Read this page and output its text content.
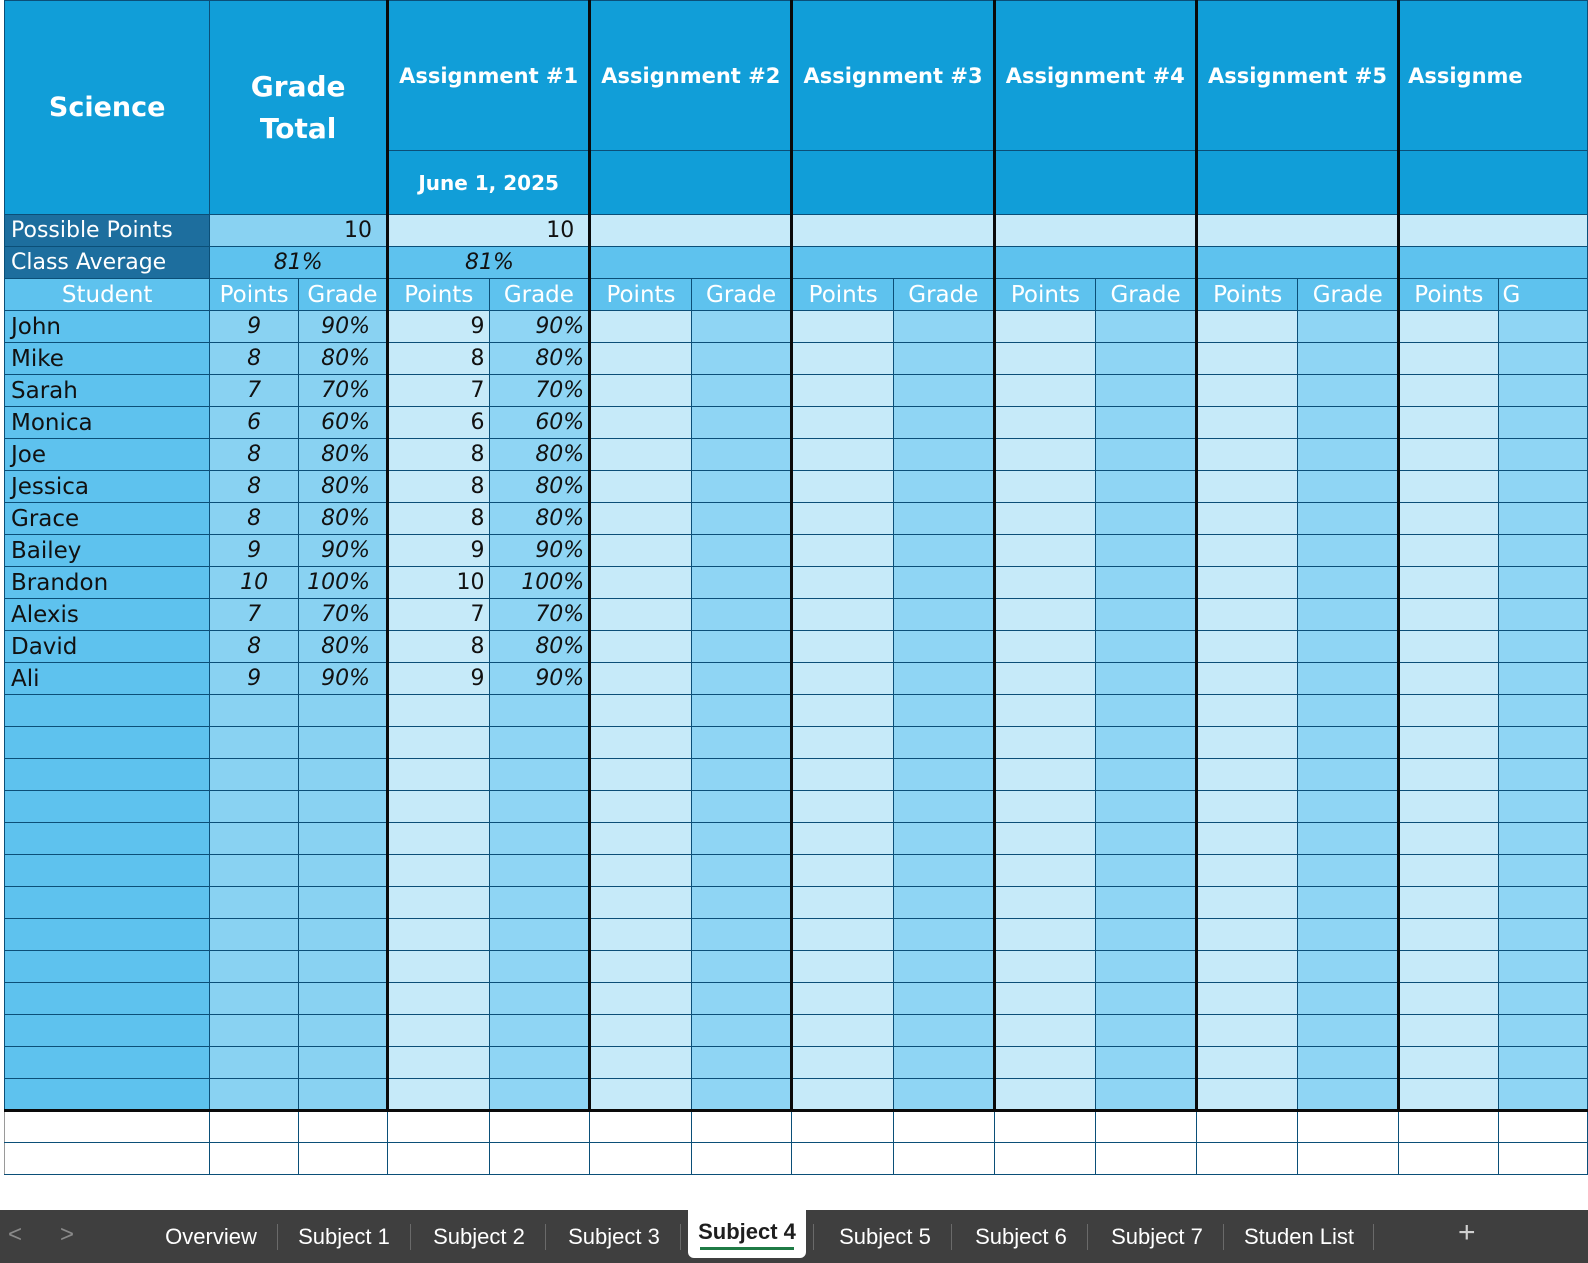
Science	Grade Total		Assignment #1		Assignment #2		Assignment #3		Assignment #4		Assignment #5		Assignme	
			June 1, 2025											
Possible Points	10		10											
Class Average	81%		81%											
Student	Points	Grade	Points	Grade	Points	Grade	Points	Grade	Points	Grade	Points	Grade	Points	G
John	9	90%	9	90%										
Mike	8	80%	8	80%										
Sarah	7	70%	7	70%										
Monica	6	60%	6	60%										
Joe	8	80%	8	80%										
Jessica	8	80%	8	80%										
Grace	8	80%	8	80%										
Bailey	9	90%	9	90%										
Brandon	10	100%	10	100%										
Alexis	7	70%	7	70%										
David	8	80%	8	80%										
Ali	9	90%	9	90%										

< >	Overview	Subject 1	Subject 2	Subject 3	Subject 4	Subject 5	Subject 6	Subject 7	Studen List	+
